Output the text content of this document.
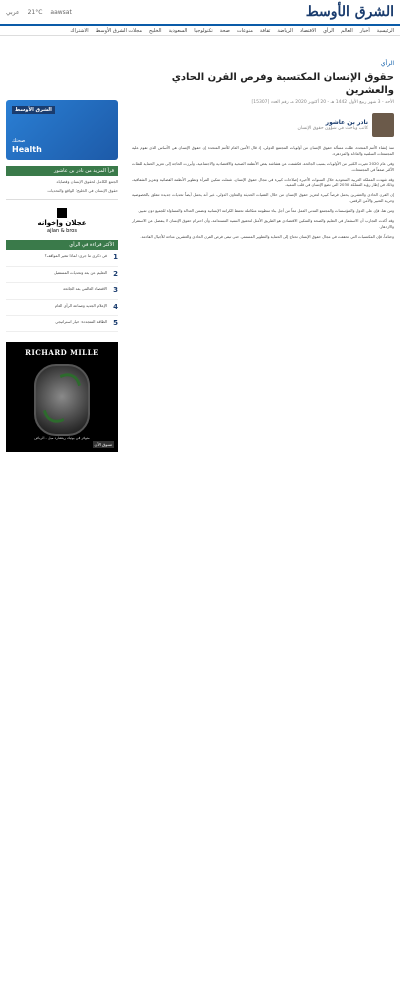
الشرق الأوسط
عربي 21°C aawsat
الرئيسية
أخبار
العالم
الرأي
الاقتصاد
الرياضة
ثقافة
منوعات
صحة
تكنولوجيا
السعودية
الخليج
مجلات الشرق الأوسط
الاشتراك
الشرق الأوسط
صحتك
Health
قرأ المزيد من نادر بن عاشور
الجمع الكامل لحقوق الإنسان وقضاياه
حقوق الإنسان في الخليج: الواقع والتحديات
عجلان وإخوانه
ajlan & bros
الأكثر قراءة في الرأي
1
في ذكرى ما جرى: لماذا تتغير المواقف؟
2
التعليم عن بعد وتحديات المستقبل
3
الاقتصاد العالمي بعد الجائحة
4
الإعلام الجديد وصناعة الرأي العام
5
الطاقة المتجددة: خيار استراتيجي
RICHARD MILLE
متوفر في بوتيك ريتشارد ميل - الرياض
تسوق الآن
الرأي
حقوق الإنسان المكتسبة وفرص القرن الحادي والعشرين
الأحد - 3 شهر ربيع الأول 1442 هـ - 20 أكتوبر 2020 مـ رقم العدد [15307]
نادر بن عاشور
كاتب وباحث في شؤون حقوق الإنسان

منذ إنشاء الأمم المتحدة، ظلت مسألة حقوق الإنسان من أولويات المجتمع الدولي، إذ قال الأمين العام للأمم المتحدة إن حقوق الإنسان هي الأساس الذي تقوم عليه المجتمعات السلمية والعادلة والمزدهرة.

وفي عام 2020 تغيرت الكثير من الأولويات بسبب الجائحة، فكشفت عن هشاشة بعض الأنظمة الصحية والاقتصادية والاجتماعية، وأبرزت الحاجة إلى تعزيز الحماية للفئات الأكثر ضعفاً في المجتمعات.

وقد شهدت المملكة العربية السعودية خلال السنوات الأخيرة إصلاحات كبيرة في مجال حقوق الإنسان، شملت تمكين المرأة وتطوير الأنظمة القضائية وتعزيز الشفافية، وذلك في إطار رؤية المملكة 2030 التي تضع الإنسان في قلب التنمية.

إن القرن الحادي والعشرين يحمل فرصاً كبيرة لتعزيز حقوق الإنسان من خلال التقنيات الحديثة والتعاون الدولي، غير أنه يحمل أيضاً تحديات جديدة تتعلق بالخصوصية وحرية التعبير والأمن الرقمي.

ومن هنا، فإن على الدول والمؤسسات والمجتمع المدني العمل معاً من أجل بناء منظومة متكاملة تحفظ الكرامة الإنسانية وتضمن العدالة والمساواة للجميع دون تمييز.

وقد أكدت التجارب أن الاستثمار في التعليم والصحة والتمكين الاقتصادي هو الطريق الأمثل لتحقيق التنمية المستدامة، وأن احترام حقوق الإنسان لا ينفصل عن الاستقرار والازدهار.

وختاماً، فإن المكتسبات التي تحققت في مجال حقوق الإنسان تحتاج إلى الحماية والتطوير المستمر، حتى تبقى فرص القرن الحادي والعشرين متاحة للأجيال القادمة.
